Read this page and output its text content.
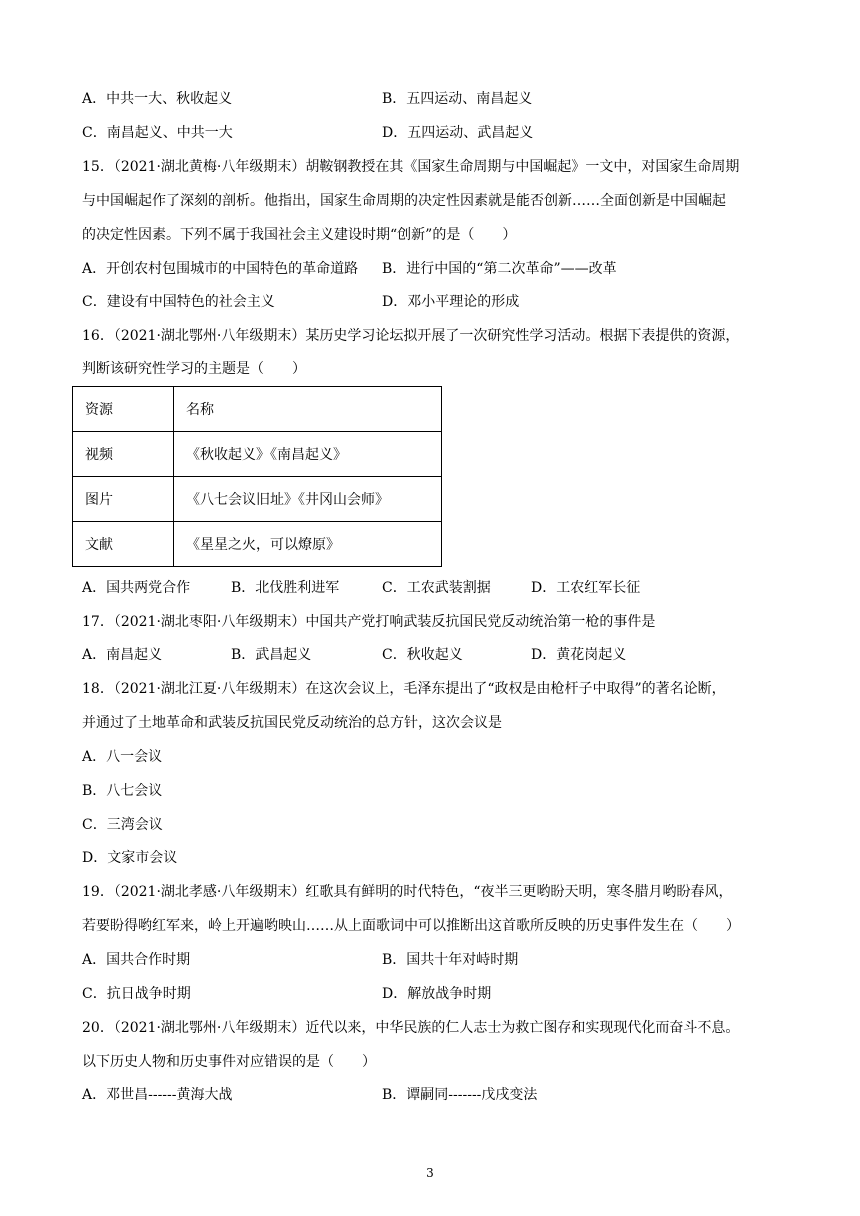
A．中共一大、秋收起义	B．五四运动、南昌起义
C．南昌起义、中共一大	D．五四运动、武昌起义
15．（2021·湖北黄梅·八年级期末）胡鞍钢教授在其《国家生命周期与中国崛起》一文中，对国家生命周期
与中国崛起作了深刻的剖析。他指出，国家生命周期的决定性因素就是能否创新……全面创新是中国崛起
的决定性因素。下列不属于我国社会主义建设时期“创新”的是（　　）
A．开创农村包围城市的中国特色的革命道路 B．进行中国的“第二次革命”——改革
C．建设有中国特色的社会主义	D．邓小平理论的形成
16．（2021·湖北鄂州·八年级期末）某历史学习论坛拟开展了一次研究性学习活动。根据下表提供的资源，
判断该研究性学习的主题是（　　）
资源	名称
视频	《秋收起义》《南昌起义》
图片	《八七会议旧址》《井冈山会师》
文献	《星星之火，可以燎原》
A．国共两党合作	B．北伐胜利进军	C．工农武装割据	D．工农红军长征
17．（2021·湖北枣阳·八年级期末）中国共产党打响武装反抗国民党反动统治第一枪的事件是
A．南昌起义	B．武昌起义	C．秋收起义	D．黄花岗起义
18．（2021·湖北江夏·八年级期末）在这次会议上，毛泽东提出了“政权是由枪杆子中取得”的著名论断，
并通过了土地革命和武装反抗国民党反动统治的总方针，这次会议是
A．八一会议
B．八七会议
C．三湾会议
D．文家市会议
19．（2021·湖北孝感·八年级期末）红歌具有鲜明的时代特色，“夜半三更哟盼天明，寒冬腊月哟盼春风，
若要盼得哟红军来，岭上开遍哟映山……从上面歌词中可以推断出这首歌所反映的历史事件发生在（　　）
A．国共合作时期	B．国共十年对峙时期
C．抗日战争时期	D．解放战争时期
20．（2021·湖北鄂州·八年级期末）近代以来，中华民族的仁人志士为救亡图存和实现现代化而奋斗不息。
以下历史人物和历史事件对应错误的是（　　）
A．邓世昌------黄海大战	B．谭嗣同-------戊戌变法
3
